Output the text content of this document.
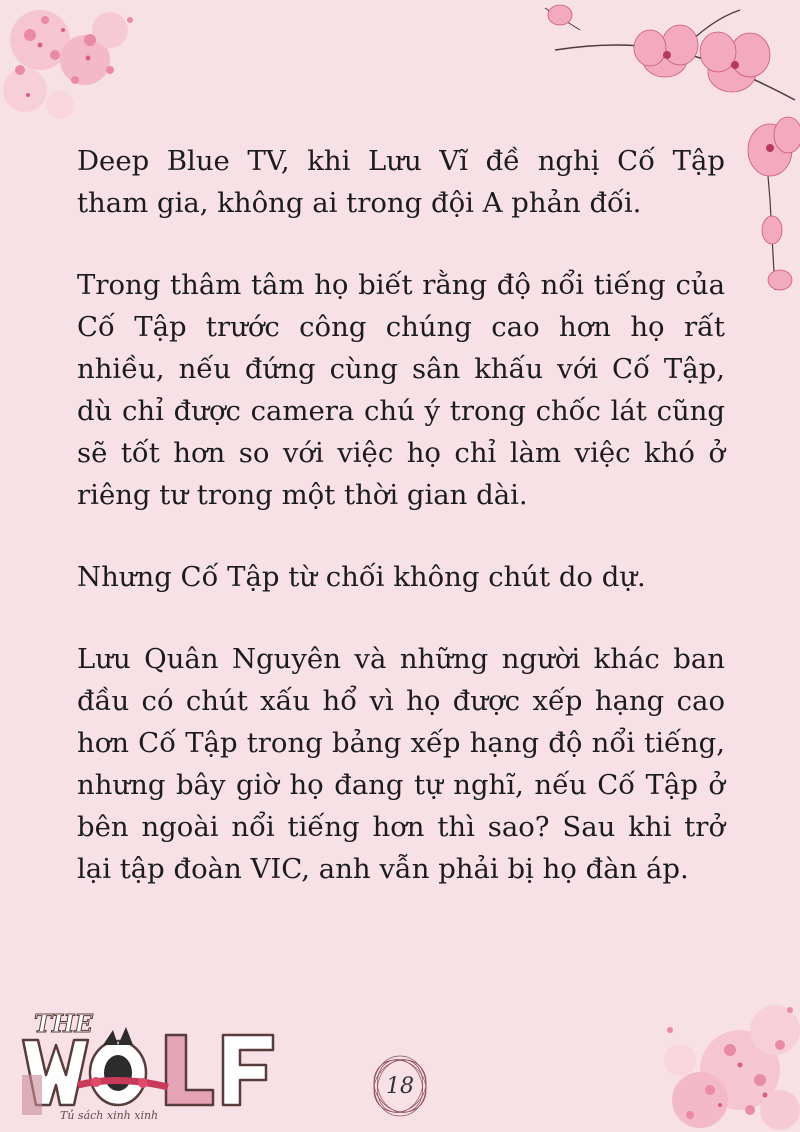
Deep Blue TV, khi Lưu Vĩ đề nghị Cố Tập tham gia, không ai trong đội A phản đối.

Trong thâm tâm họ biết rằng độ nổi tiếng của Cố Tập trước công chúng cao hơn họ rất nhiều, nếu đứng cùng sân khấu với Cố Tập, dù chỉ được camera chú ý trong chốc lát cũng sẽ tốt hơn so với việc họ chỉ làm việc khó ở riêng tư trong một thời gian dài.

Nhưng Cố Tập từ chối không chút do dự.

Lưu Quân Nguyên và những người khác ban đầu có chút xấu hổ vì họ được xếp hạng cao hơn Cố Tập trong bảng xếp hạng độ nổi tiếng, nhưng bây giờ họ đang tự nghĩ, nếu Cố Tập ở bên ngoài nổi tiếng hơn thì sao? Sau khi trở lại tập đoàn VIC, anh vẫn phải bị họ đàn áp.

18
THE
Tủ sách xinh xinh
